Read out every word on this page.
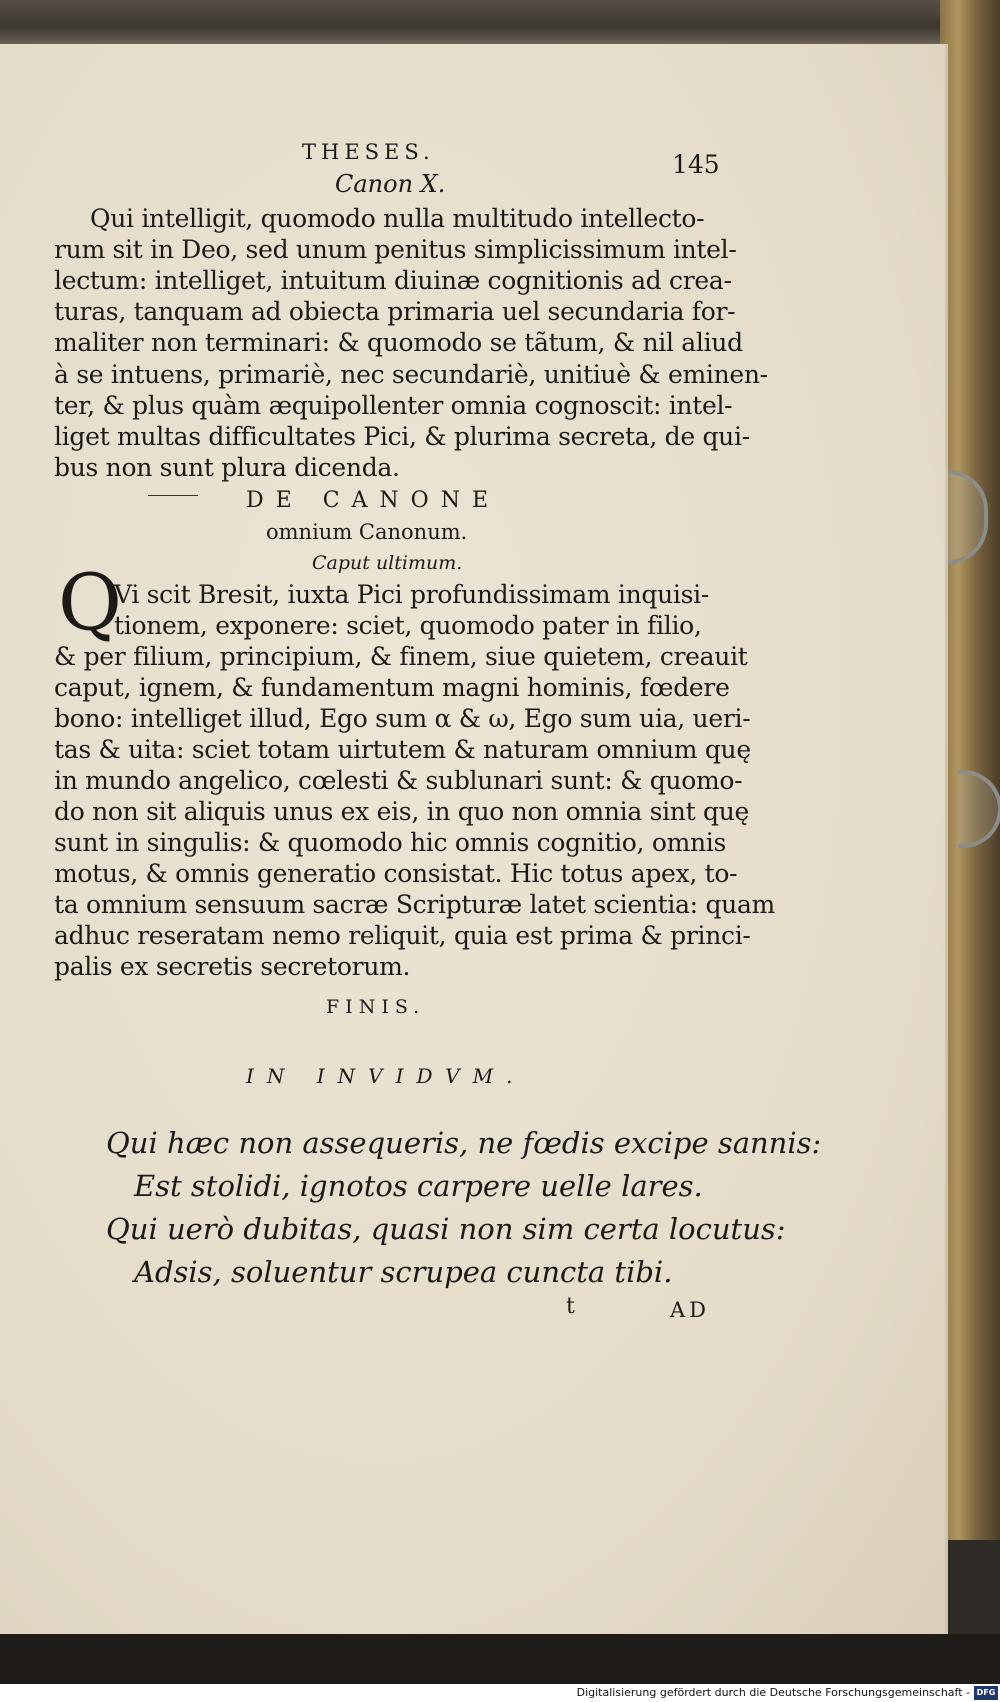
THESES.	145
Canon X.
Qui intelligit, quomodo nulla multitudo intellecto-
rum sit in Deo, sed unum penitus simplicissimum intel-
lectum: intelliget, intuitum diuinæ cognitionis ad crea-
turas, tanquam ad obiecta primaria uel secundaria for-
maliter non terminari: & quomodo se tãtum, & nil aliud
à se intuens, primariè, nec secundariè, unitiuè & eminen-
ter, & plus quàm æquipollenter omnia cognoscit: intel-
liget multas difficultates Pici, & plurima secreta, de qui-
bus non sunt plura dicenda.
DE CANONE
omnium Canonum.
Caput ultimum.
Q
Vi scit Bresit, iuxta Pici profundissimam inquisi-
tionem, exponere: sciet, quomodo pater in filio,
& per filium, principium, & finem, siue quietem, creauit
caput, ignem, & fundamentum magni hominis, fœdere
bono: intelliget illud, Ego sum α & ω, Ego sum uia, ueri-
tas & uita: sciet totam uirtutem & naturam omnium quę
in mundo angelico, cœlesti & sublunari sunt: & quomo-
do non sit aliquis unus ex eis, in quo non omnia sint quę
sunt in singulis: & quomodo hic omnis cognitio, omnis
motus, & omnis generatio consistat. Hic totus apex, to-
ta omnium sensuum sacræ Scripturæ latet scientia: quam
adhuc reseratam nemo reliquit, quia est prima & princi-
palis ex secretis secretorum.
FINIS.
IN INVIDVM.
Qui hæc non assequeris, ne fœdis excipe sannis:
Est stolidi, ignotos carpere uelle lares.
Qui uerò dubitas, quasi non sim certa locutus:
Adsis, soluentur scrupea cuncta tibi.
t	AD
Digitalisierung gefördert durch die Deutsche Forschungsgemeinschaft - DFG
